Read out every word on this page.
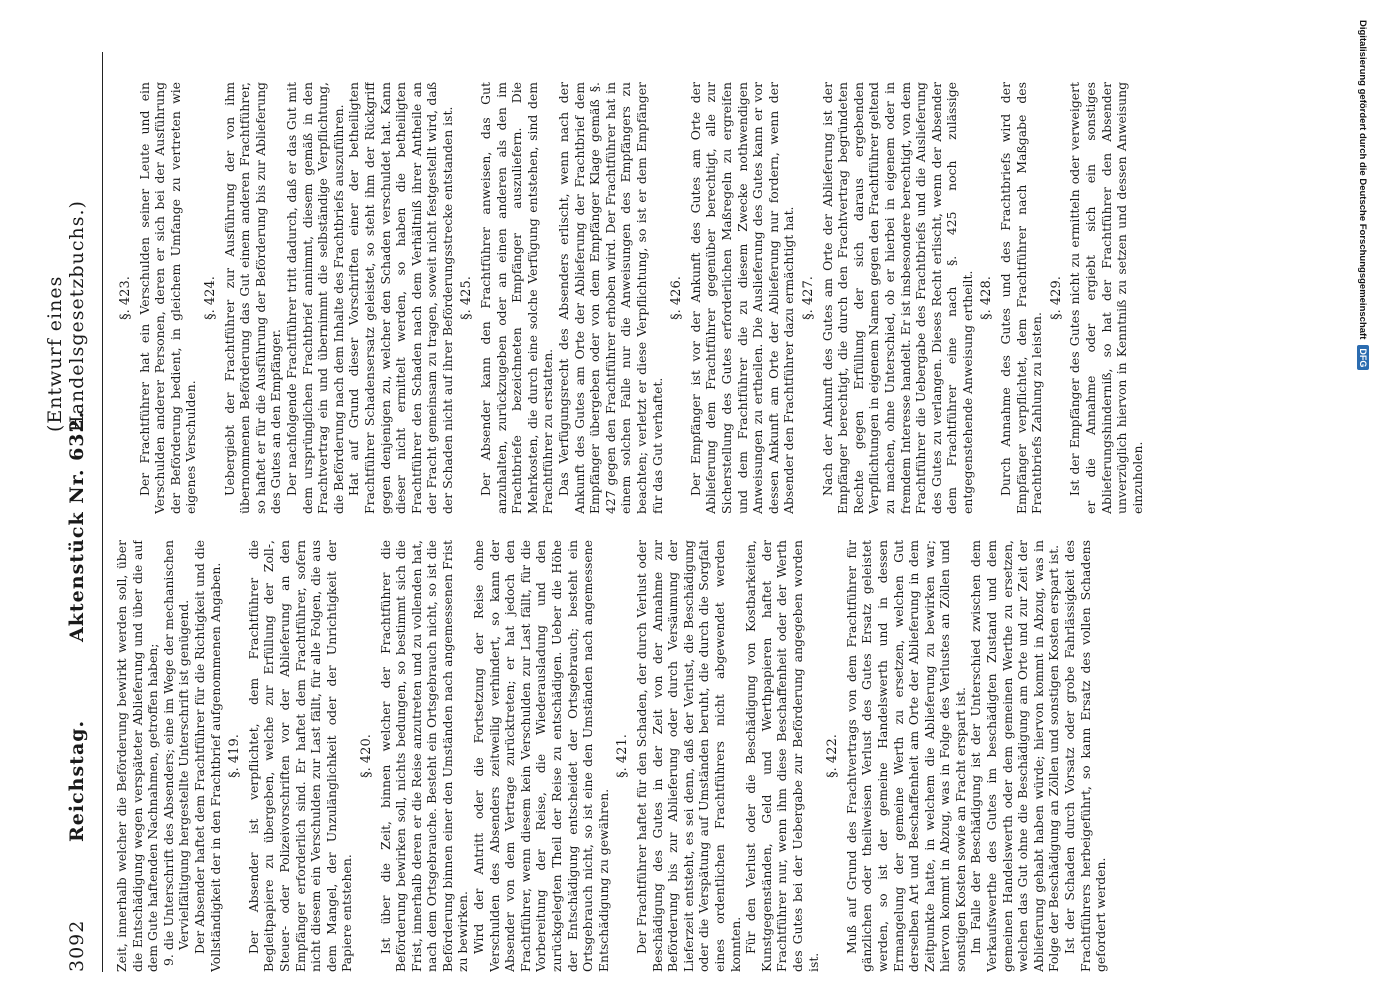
3092
Reichstag.
Aktenstück Nr. 632.
(Entwurf eines Handelsgesetzbuchs.)

Zeit, innerhalb welcher die Beförderung bewirkt werden soll, über die Entschädigung wegen verspäteter Ablieferung und über die auf dem Gute haftenden Nachnahmen, getroffen haben; 9. die Unterschrift des Absenders; eine im Wege der mechanischen Vervielfältigung hergestellte Unterschrift ist genügend. Der Absender haftet dem Frachtführer für die Richtigkeit und die Vollständigkeit der in den Frachtbrief aufgenommenen Angaben. §. 419. Der Absender ist verpflichtet, dem Frachtführer die Begleitpapiere zu übergeben, welche zur Erfüllung der Zoll-, Steuer- oder Polizeivorschriften vor der Ablieferung an den Empfänger erforderlich sind. Er haftet dem Frachtführer, sofern nicht diesem ein Verschulden zur Last fällt, für alle Folgen, die aus dem Mangel, der Unzulänglichkeit oder der Unrichtigkeit der Papiere entstehen.

§. 420. Ist über die Zeit, binnen welcher der Frachtführer die Beförderung bewirken soll, nichts bedungen, so bestimmt sich die Frist, innerhalb deren er die Reise anzutreten und zu vollenden hat, nach dem Ortsgebrauche. Besteht ein Ortsgebrauch nicht, so ist die Beförderung binnen einer den Umständen nach angemessenen Frist zu bewirken. Wird der Antritt oder die Fortsetzung der Reise ohne Verschulden des Absenders zeitweilig verhindert, so kann der Absender von dem Vertrage zurücktreten; er hat jedoch den Frachtführer, wenn diesem kein Verschulden zur Last fällt, für die Vorbereitung der Reise, die Wiederausladung und den zurückgelegten Theil der Reise zu entschädigen. Ueber die Höhe der Entschädigung entscheidet der Ortsgebrauch; besteht ein Ortsgebrauch nicht, so ist eine den Umständen nach angemessene Entschädigung zu gewähren.

§. 421. Der Frachtführer haftet für den Schaden, der durch Verlust oder Beschädigung des Gutes in der Zeit von der Annahme zur Beförderung bis zur Ablieferung oder durch Versäumung der Lieferzeit entsteht, es sei denn, daß der Verlust, die Beschädigung oder die Verspätung auf Umständen beruht, die durch die Sorgfalt eines ordentlichen Frachtführers nicht abgewendet werden konnten. Für den Verlust oder die Beschädigung von Kostbarkeiten, Kunstgegenständen, Geld und Werthpapieren haftet der Frachtführer nur, wenn ihm diese Beschaffenheit oder der Werth des Gutes bei der Uebergabe zur Beförderung angegeben worden ist.

§. 422. Muß auf Grund des Frachtvertrags von dem Frachtführer für gänzlichen oder theilweisen Verlust des Gutes Ersatz geleistet werden, so ist der gemeine Handelswerth und in dessen Ermangelung der gemeine Werth zu ersetzen, welchen Gut derselben Art und Beschaffenheit am Orte der Ablieferung in dem Zeitpunkte hatte, in welchem die Ablieferung zu bewirken war; hiervon kommt in Abzug, was in Folge des Verlustes an Zöllen und sonstigen Kosten sowie an Fracht erspart ist. Im Falle der Beschädigung ist der Unterschied zwischen dem Verkaufswerthe des Gutes im beschädigten Zustand und dem gemeinen Handelswerth oder dem gemeinen Werthe zu ersetzen, welchen das Gut ohne die Beschädigung am Orte und zur Zeit der Ablieferung gehabt haben würde; hiervon kommt in Abzug, was in Folge der Beschädigung an Zöllen und sonstigen Kosten erspart ist. Ist der Schaden durch Vorsatz oder grobe Fahrlässigkeit des Frachtführers herbeigeführt, so kann Ersatz des vollen Schadens gefordert werden.

§. 423. Der Frachtführer hat ein Verschulden seiner Leute und ein Verschulden anderer Personen, deren er sich bei der Ausführung der Beförderung bedient, in gleichem Umfange zu vertreten wie eigenes Verschulden.

§. 424. Uebergiebt der Frachtführer zur Ausführung der von ihm übernommenen Beförderung das Gut einem anderen Frachtführer, so haftet er für die Ausführung der Beförderung bis zur Ablieferung des Gutes an den Empfänger. Der nachfolgende Frachtführer tritt dadurch, daß er das Gut mit dem ursprünglichen Frachtbrief annimmt, diesem gemäß in den Frachtvertrag ein und übernimmt die selbständige Verpflichtung, die Beförderung nach dem Inhalte des Frachtbriefs auszuführen. Hat auf Grund dieser Vorschriften einer der betheiligten Frachtführer Schadensersatz geleistet, so steht ihm der Rückgriff gegen denjenigen zu, welcher den Schaden verschuldet hat. Kann dieser nicht ermittelt werden, so haben die betheiligten Frachtführer den Schaden nach dem Verhältniß ihrer Antheile an der Fracht gemeinsam zu tragen, soweit nicht festgestellt wird, daß der Schaden nicht auf ihrer Beförderungsstrecke entstanden ist. §. 425. Der Absender kann den Frachtführer anweisen, das Gut anzuhalten, zurückzugeben oder an einen anderen als den im Frachtbriefe bezeichneten Empfänger auszuliefern. Die Mehrkosten, die durch eine solche Verfügung entstehen, sind dem Frachtführer zu erstatten. Das Verfügungsrecht des Absenders erlischt, wenn nach der Ankunft des Gutes am Orte der Ablieferung der Frachtbrief dem Empfänger übergeben oder von dem Empfänger Klage gemäß §. 427 gegen den Frachtführer erhoben wird. Der Frachtführer hat in einem solchen Falle nur die Anweisungen des Empfängers zu beachten; verletzt er diese Verpflichtung, so ist er dem Empfänger für das Gut verhaftet.

§. 426. Der Empfänger ist vor der Ankunft des Gutes am Orte der Ablieferung dem Frachtführer gegenüber berechtigt, alle zur Sicherstellung des Gutes erforderlichen Maßregeln zu ergreifen und dem Frachtführer die zu diesem Zwecke nothwendigen Anweisungen zu ertheilen. Die Auslieferung des Gutes kann er vor dessen Ankunft am Orte der Ablieferung nur fordern, wenn der Absender den Frachtführer dazu ermächtigt hat. §. 427. Nach der Ankunft des Gutes am Orte der Ablieferung ist der Empfänger berechtigt, die durch den Frachtvertrag begründeten Rechte gegen Erfüllung der sich daraus ergebenden Verpflichtungen in eigenem Namen gegen den Frachtführer geltend zu machen, ohne Unterschied, ob er hierbei in eigenem oder in fremdem Interesse handelt. Er ist insbesondere berechtigt, von dem Frachtführer die Uebergabe des Frachtbriefs und die Auslieferung des Gutes zu verlangen. Dieses Recht erlischt, wenn der Absender dem Frachtführer eine nach §. 425 noch zulässige entgegenstehende Anweisung ertheilt. §. 428. Durch Annahme des Gutes und des Frachtbriefs wird der Empfänger verpflichtet, dem Frachtführer nach Maßgabe des Frachtbriefs Zahlung zu leisten.

§. 429. Ist der Empfänger des Gutes nicht zu ermitteln oder verweigert er die Annahme oder ergiebt sich ein sonstiges Ablieferungshinderniß, so hat der Frachtführer den Absender unverzüglich hiervon in Kenntniß zu setzen und dessen Anweisung einzuholen.

Digitalisierung gefördert durch die Deutsche Forschungsgemeinschaft
DFG
